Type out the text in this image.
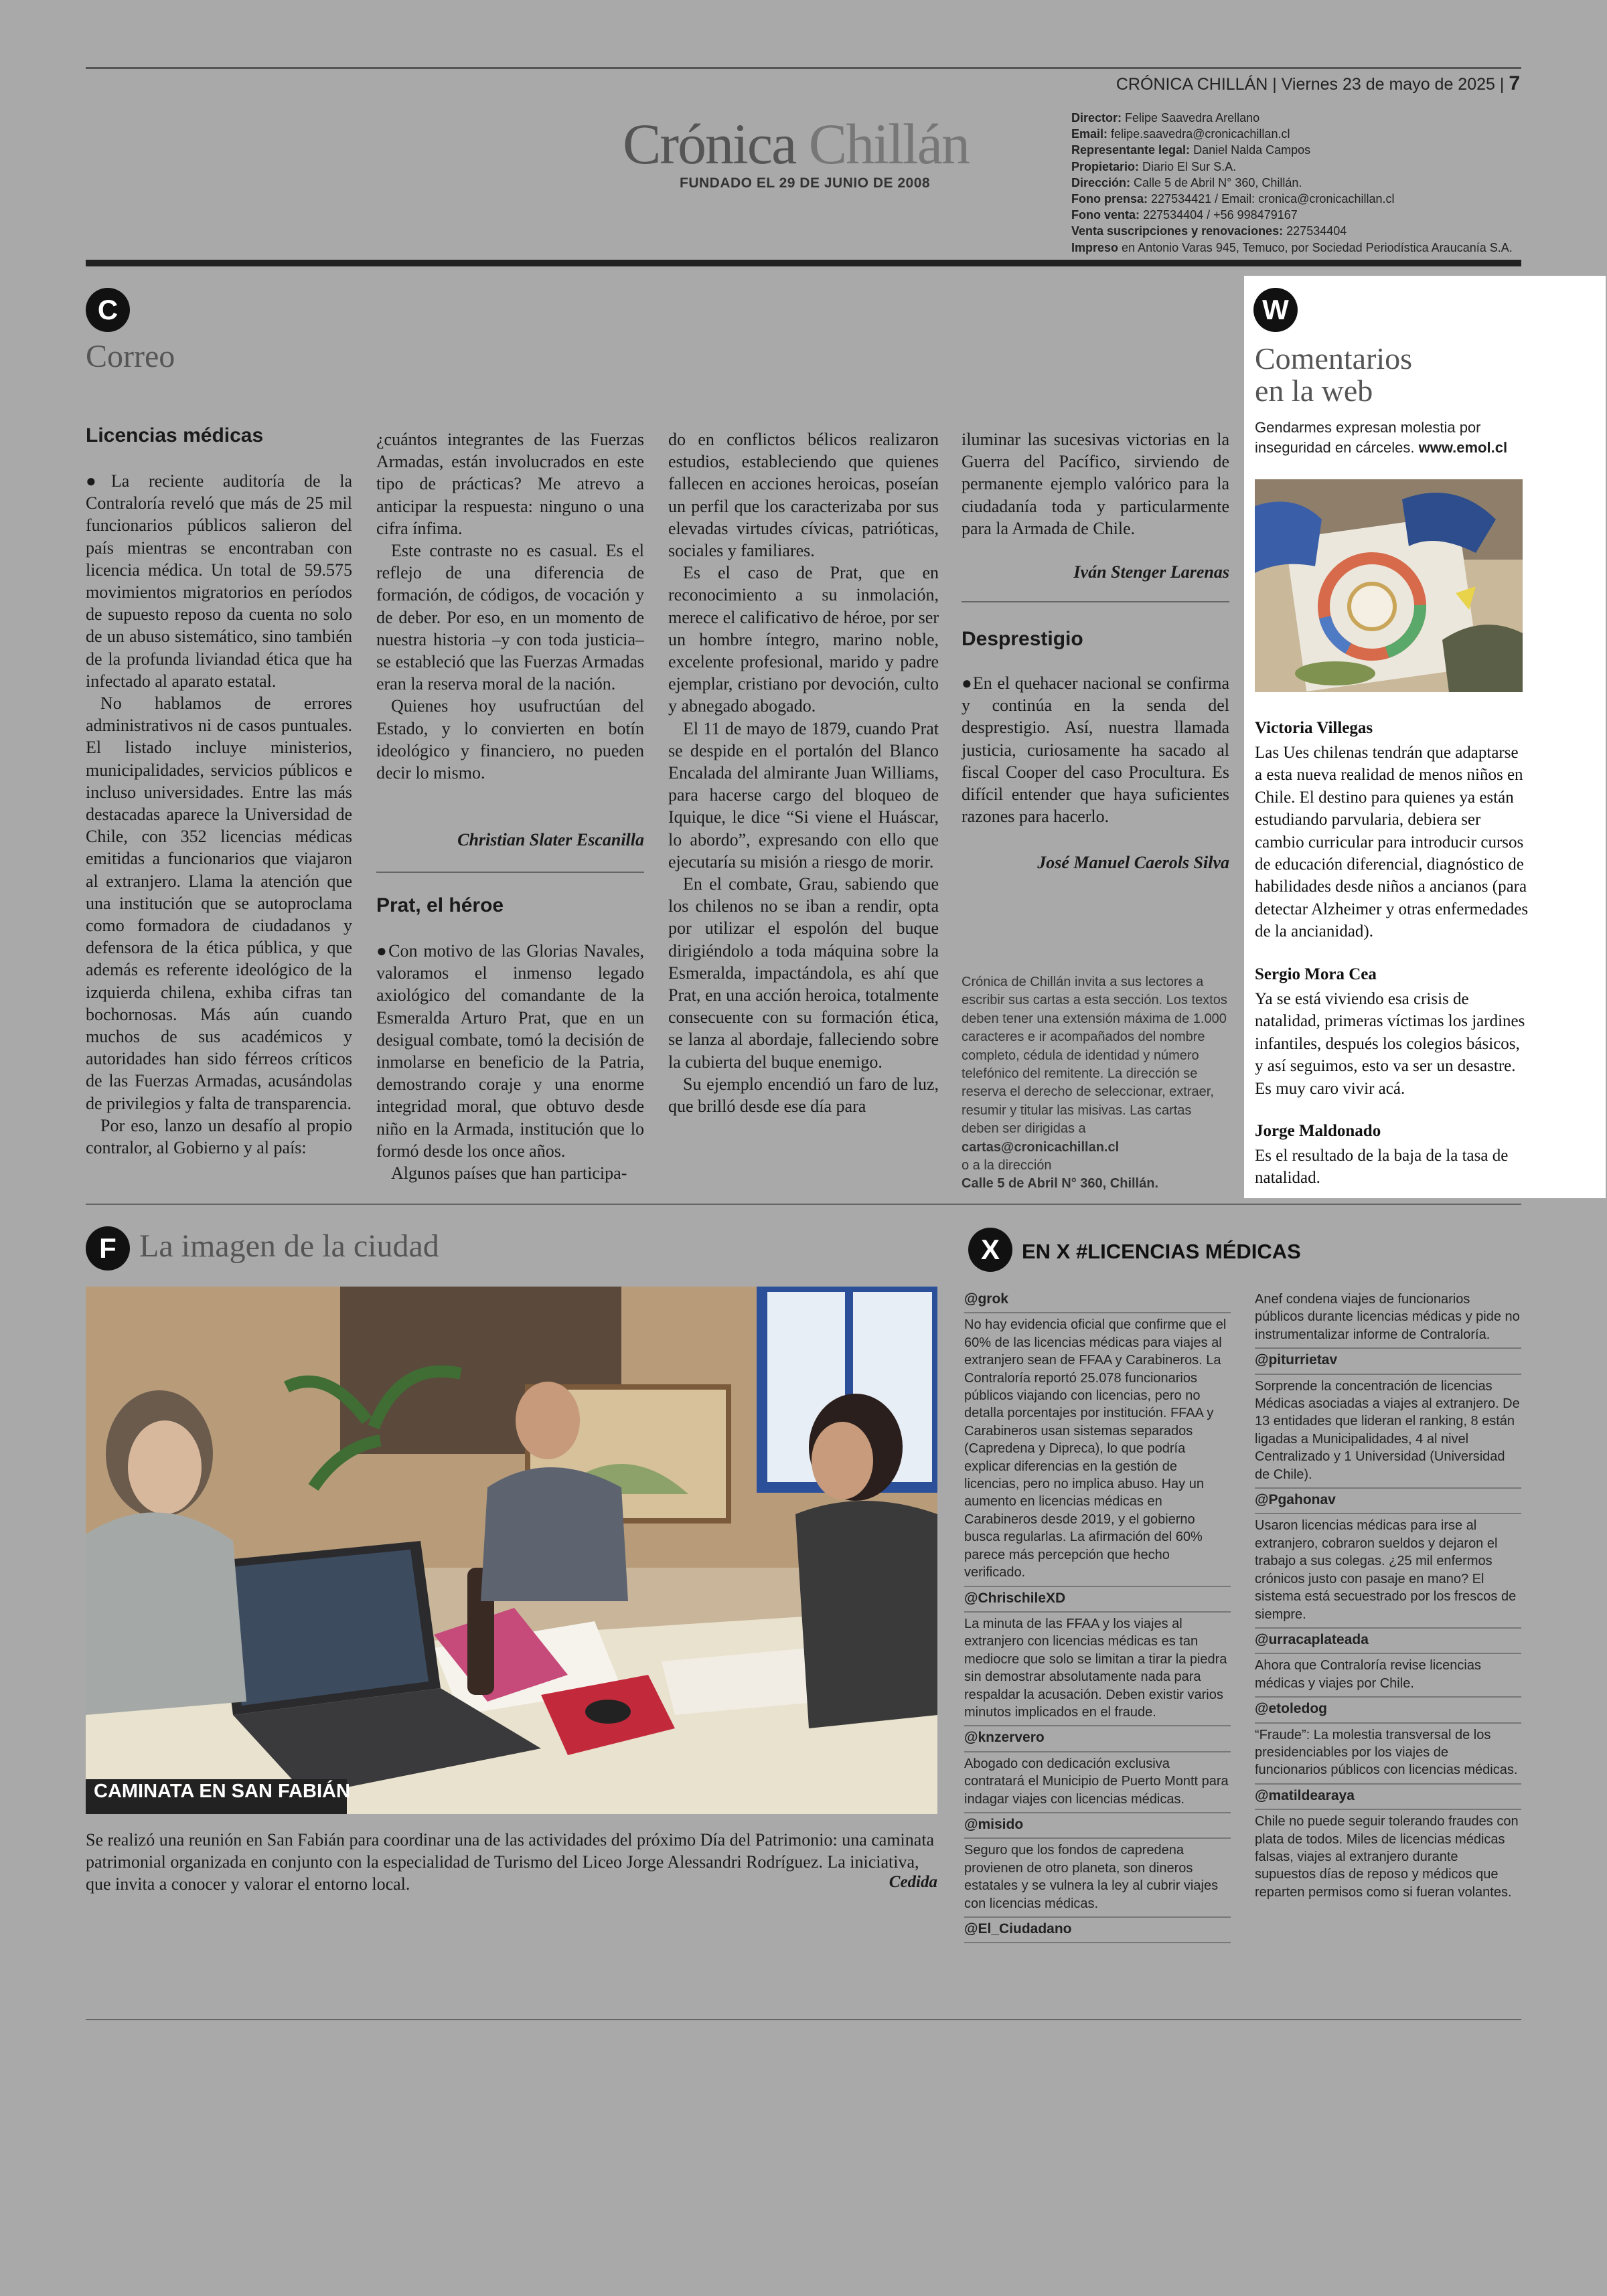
CRÓNICA CHILLÁN | Viernes 23 de mayo de 2025 | 7
Crónica Chillán
FUNDADO EL 29 DE JUNIO DE 2008
Director: Felipe Saavedra Arellano
Email: felipe.saavedra@cronicachillan.cl
Representante legal: Daniel Nalda Campos
Propietario: Diario El Sur S.A.
Dirección: Calle 5 de Abril N° 360, Chillán.
Fono prensa: 227534421 / Email: cronica@cronicachillan.cl
Fono venta: 227534404 / +56 998479167
Venta suscripciones y renovaciones: 227534404
Impreso en Antonio Varas 945, Temuco, por Sociedad Periodística Araucanía S.A.
C
Correo
Licencias médicas

●La reciente auditoría de la Contraloría reveló que más de 25 mil funcionarios públicos salieron del país mientras se encontraban con licencia médica. Un total de 59.575 movimientos migratorios en períodos de supuesto reposo da cuenta no solo de un abuso sistemático, sino también de la profunda liviandad ética que ha infectado al aparato estatal.

No hablamos de errores administrativos ni de casos puntuales. El listado incluye ministerios, municipalidades, servicios públicos e incluso universidades. Entre las más destacadas aparece la Universidad de Chile, con 352 licencias médicas emitidas a funcionarios que viajaron al extranjero. Llama la atención que una institución que se autoproclama como formadora de ciudadanos y defensora de la ética pública, y que además es referente ideológico de la izquierda chilena, exhiba cifras tan bochornosas. Más aún cuando muchos de sus académicos y autoridades han sido férreos críticos de las Fuerzas Armadas, acusándolas de privilegios y falta de transparencia.

Por eso, lanzo un desafío al propio contralor, al Gobierno y al país:

¿cuántos integrantes de las Fuerzas Armadas, están involucrados en este tipo de prácticas? Me atrevo a anticipar la respuesta: ninguno o una cifra ínfima.

Este contraste no es casual. Es el reflejo de una diferencia de formación, de códigos, de vocación y de deber. Por eso, en un momento de nuestra historia –y con toda justicia– se estableció que las Fuerzas Armadas eran la reserva moral de la nación.

Quienes hoy usufructúan del Estado, y lo convierten en botín ideológico y financiero, no pueden decir lo mismo.

Christian Slater Escanilla
Prat, el héroe

●Con motivo de las Glorias Navales, valoramos el inmenso legado axiológico del comandante de la Esmeralda Arturo Prat, que en un desigual combate, tomó la decisión de inmolarse en beneficio de la Patria, demostrando coraje y una enorme integridad moral, que obtuvo desde niño en la Armada, institución que lo formó desde los once años.

Algunos países que han participa-

do en conflictos bélicos realizaron estudios, estableciendo que quienes fallecen en acciones heroicas, poseían un perfil que los caracterizaba por sus elevadas virtudes cívicas, patrióticas, sociales y familiares.

Es el caso de Prat, que en reconocimiento a su inmolación, merece el calificativo de héroe, por ser un hombre íntegro, marino noble, excelente profesional, marido y padre ejemplar, cristiano por devoción, culto y abnegado abogado.

El 11 de mayo de 1879, cuando Prat se despide en el portalón del Blanco Encalada del almirante Juan Williams, para hacerse cargo del bloqueo de Iquique, le dice “Si viene el Huáscar, lo abordo”, expresando con ello que ejecutaría su misión a riesgo de morir.

En el combate, Grau, sabiendo que los chilenos no se iban a rendir, opta por utilizar el espolón del buque dirigiéndolo a toda máquina sobre la Esmeralda, impactándola, es ahí que Prat, en una acción heroica, totalmente consecuente con su formación ética, se lanza al abordaje, falleciendo sobre la cubierta del buque enemigo.

Su ejemplo encendió un faro de luz, que brilló desde ese día para

iluminar las sucesivas victorias en la Guerra del Pacífico, sirviendo de permanente ejemplo valórico para la ciudadanía toda y particularmente para la Armada de Chile.

Iván Stenger Larenas
Desprestigio

●En el quehacer nacional se confirma y continúa en la senda del desprestigio. Así, nuestra llamada justicia, curiosamente ha sacado al fiscal Cooper del caso Procultura. Es difícil entender que haya suficientes razones para hacerlo.

José Manuel Caerols Silva
Crónica de Chillán invita a sus lectores a escribir sus cartas a esta sección. Los textos deben tener una extensión máxima de 1.000 caracteres e ir acompañados del nombre completo, cédula de identidad y número telefónico del remitente. La dirección se reserva el derecho de seleccionar, extraer, resumir y titular las misivas. Las cartas deben ser dirigidas a
cartas@cronicachillan.cl
o a la dirección
Calle 5 de Abril N° 360, Chillán.
W
Comentarios
en la web
Gendarmes expresan molestia por inseguridad en cárceles. www.emol.cl
Victoria Villegas
Las Ues chilenas tendrán que adaptarse a esta nueva realidad de menos niños en Chile. El destino para quienes ya están estudiando parvularia, debiera ser cambio curricular para introducir cursos de educación diferencial, diagnóstico de habilidades desde niños a ancianos (para detectar Alzheimer y otras enfermedades de la ancianidad).
Sergio Mora Cea
Ya se está viviendo esa crisis de natalidad, primeras víctimas los jardines infantiles, después los colegios básicos, y así seguimos, esto va ser un desastre. Es muy caro vivir acá.
Jorge Maldonado
Es el resultado de la baja de la tasa de natalidad.
F La imagen de la ciudad
CAMINATA EN SAN FABIÁN
Se realizó una reunión en San Fabián para coordinar una de las actividades del próximo Día del Patrimonio: una caminata patrimonial organizada en conjunto con la especialidad de Turismo del Liceo Jorge Alessandri Rodríguez. La iniciativa, que invita a conocer y valorar el entorno local.	Cedida
X	EN X #LICENCIAS MÉDICAS
@grok
No hay evidencia oficial que confirme que el 60% de las licencias médicas para viajes al extranjero sean de FFAA y Carabineros. La Contraloría reportó 25.078 funcionarios públicos viajando con licencias, pero no detalla porcentajes por institución. FFAA y Carabineros usan sistemas separados (Capredena y Dipreca), lo que podría explicar diferencias en la gestión de licencias, pero no implica abuso. Hay un aumento en licencias médicas en Carabineros desde 2019, y el gobierno busca regularlas. La afirmación del 60% parece más percepción que hecho verificado.
@ChrischileXD
La minuta de las FFAA y los viajes al extranjero con licencias médicas es tan mediocre que solo se limitan a tirar la piedra sin demostrar absolutamente nada para respaldar la acusación. Deben existir varios minutos implicados en el fraude.
@knzervero
Abogado con dedicación exclusiva contratará el Municipio de Puerto Montt para indagar viajes con licencias médicas.
@misido
Seguro que los fondos de capredena provienen de otro planeta, son dineros estatales y se vulnera la ley al cubrir viajes con licencias médicas.
@El_Ciudadano
Anef condena viajes de funcionarios públicos durante licencias médicas y pide no instrumentalizar informe de Contraloría.
@piturrietav
Sorprende la concentración de licencias Médicas asociadas a viajes al extranjero. De 13 entidades que lideran el ranking, 8 están ligadas a Municipalidades, 4 al nivel Centralizado y 1 Universidad (Universidad de Chile).
@Pgahonav
Usaron licencias médicas para irse al extranjero, cobraron sueldos y dejaron el trabajo a sus colegas. ¿25 mil enfermos crónicos justo con pasaje en mano? El sistema está secuestrado por los frescos de siempre.
@urracaplateada
Ahora que Contraloría revise licencias médicas y viajes por Chile.
@etoledog
“Fraude”: La molestia transversal de los presidenciables por los viajes de funcionarios públicos con licencias médicas.
@matildearaya
Chile no puede seguir tolerando fraudes con plata de todos. Miles de licencias médicas falsas, viajes al extranjero durante supuestos días de reposo y médicos que reparten permisos como si fueran volantes.
